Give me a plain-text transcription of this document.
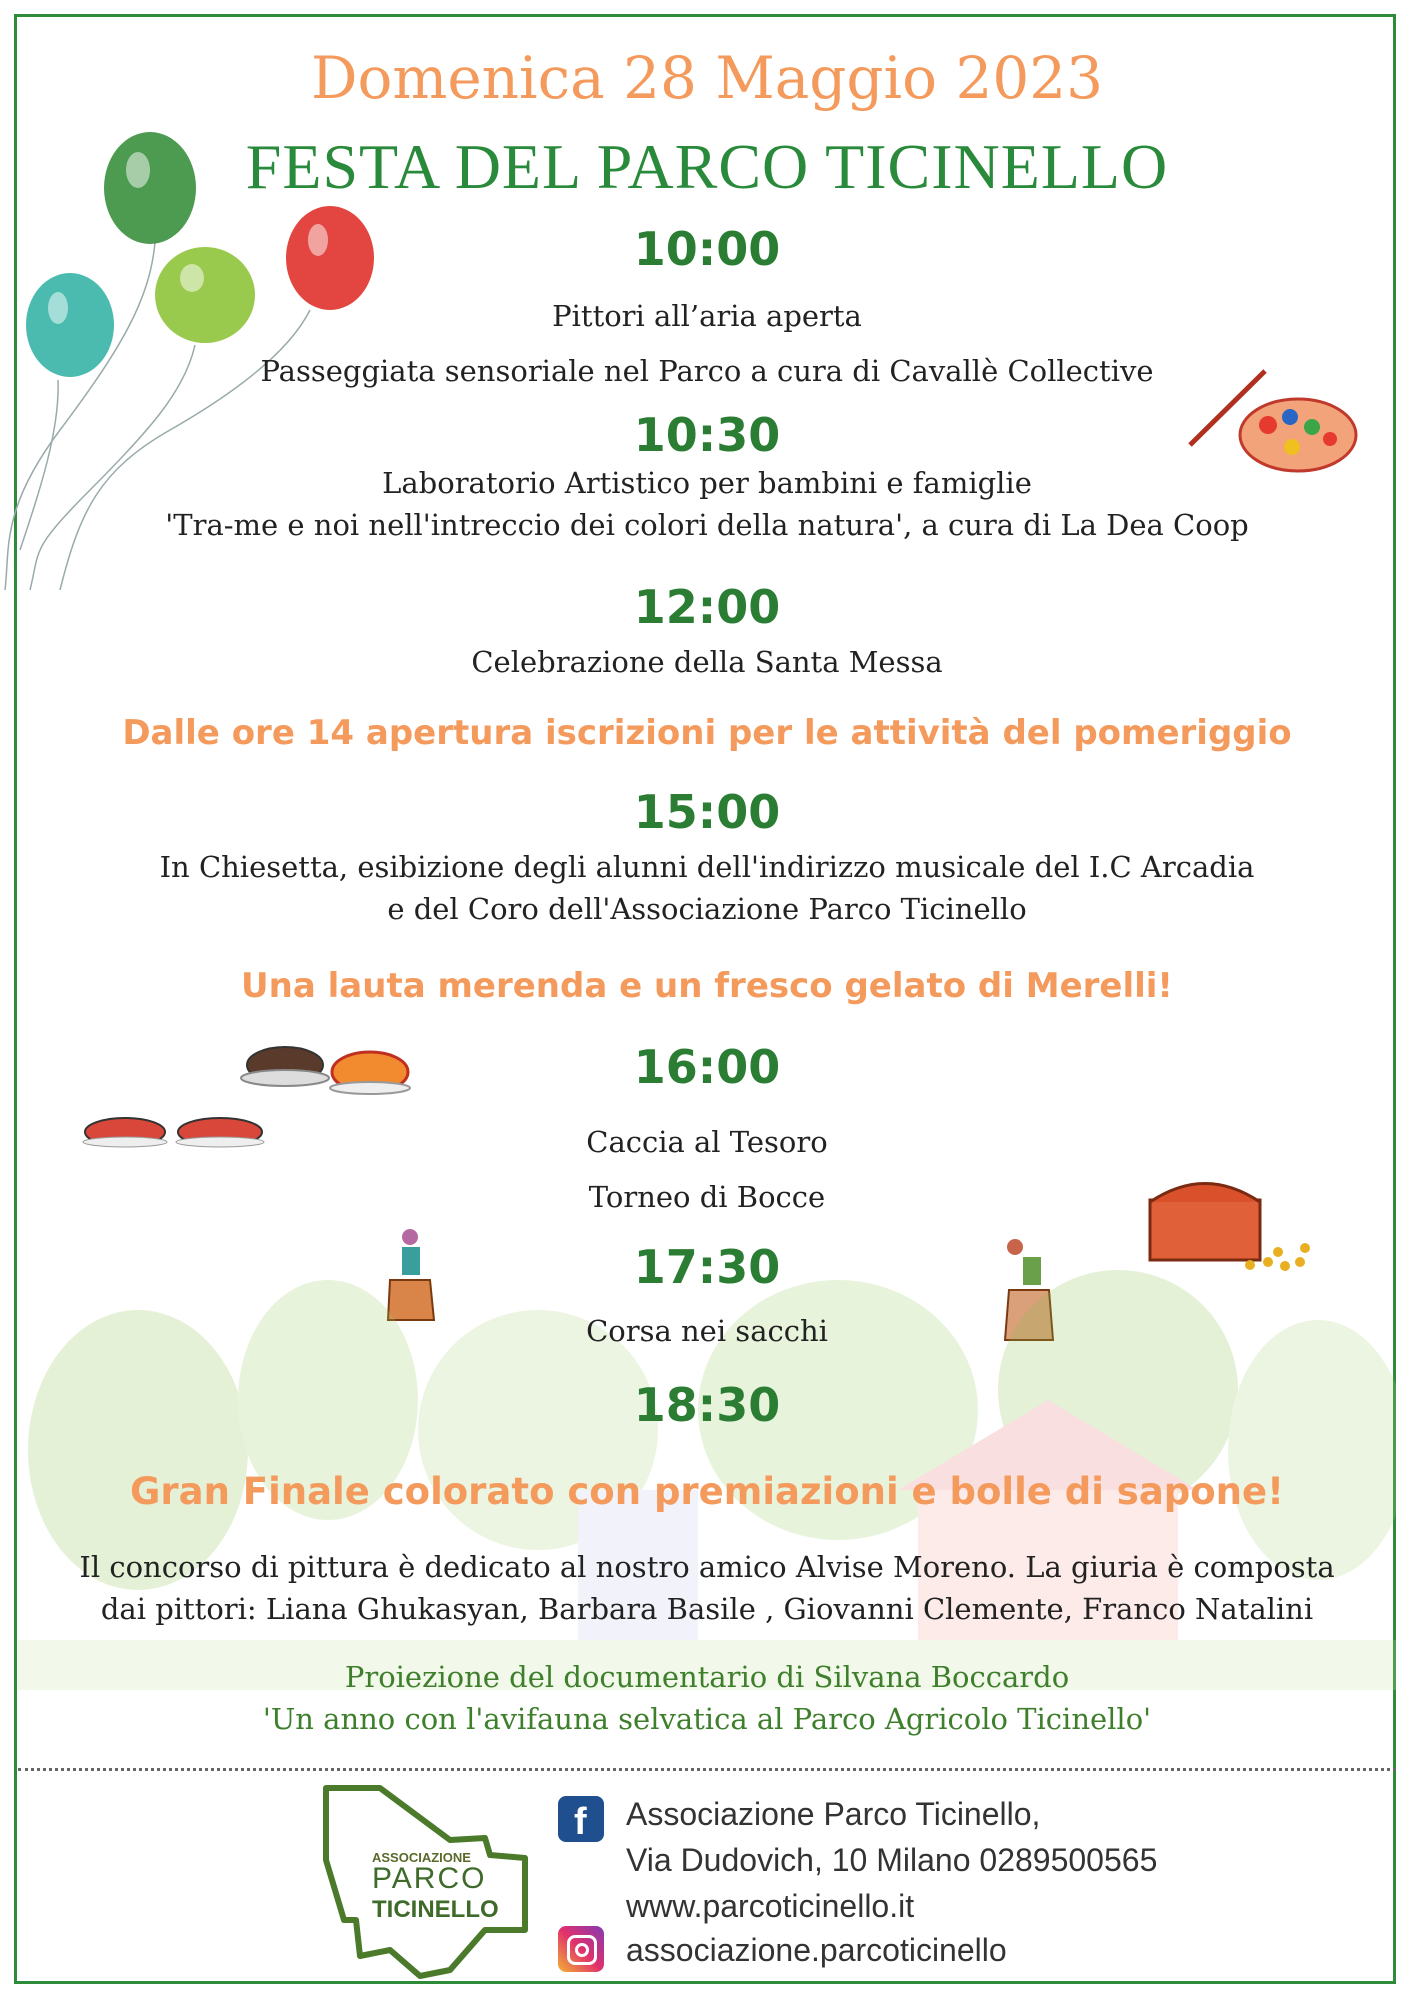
Domenica 28 Maggio 2023
FESTA DEL PARCO TICINELLO
10:00
Pittori all’aria aperta
Passeggiata sensoriale nel Parco a cura di Cavallè Collective
10:30
Laboratorio Artistico per bambini e famiglie
'Tra-me e noi nell'intreccio dei colori della natura', a cura di La Dea Coop
12:00
Celebrazione della Santa Messa
Dalle ore 14 apertura iscrizioni per le attività del pomeriggio
15:00
In Chiesetta, esibizione degli alunni dell'indirizzo musicale del I.C Arcadia
e del Coro dell'Associazione Parco Ticinello
Una lauta merenda e un fresco gelato di Merelli!
16:00
Caccia al Tesoro
Torneo di Bocce
17:30
Corsa nei sacchi
18:30
Gran Finale colorato con premiazioni e bolle di sapone!
Il concorso di pittura è dedicato al nostro amico Alvise Moreno. La giuria è composta
dai pittori: Liana Ghukasyan, Barbara Basile , Giovanni Clemente, Franco Natalini
Proiezione del documentario di Silvana Boccardo
'Un anno con l'avifauna selvatica al Parco Agricolo Ticinello'
ASSOCIAZIONE
PARCO
TICINELLO
f Associazione Parco Ticinello,
Via Dudovich, 10 Milano 0289500565
www.parcoticinello.it
associazione.parcoticinello
